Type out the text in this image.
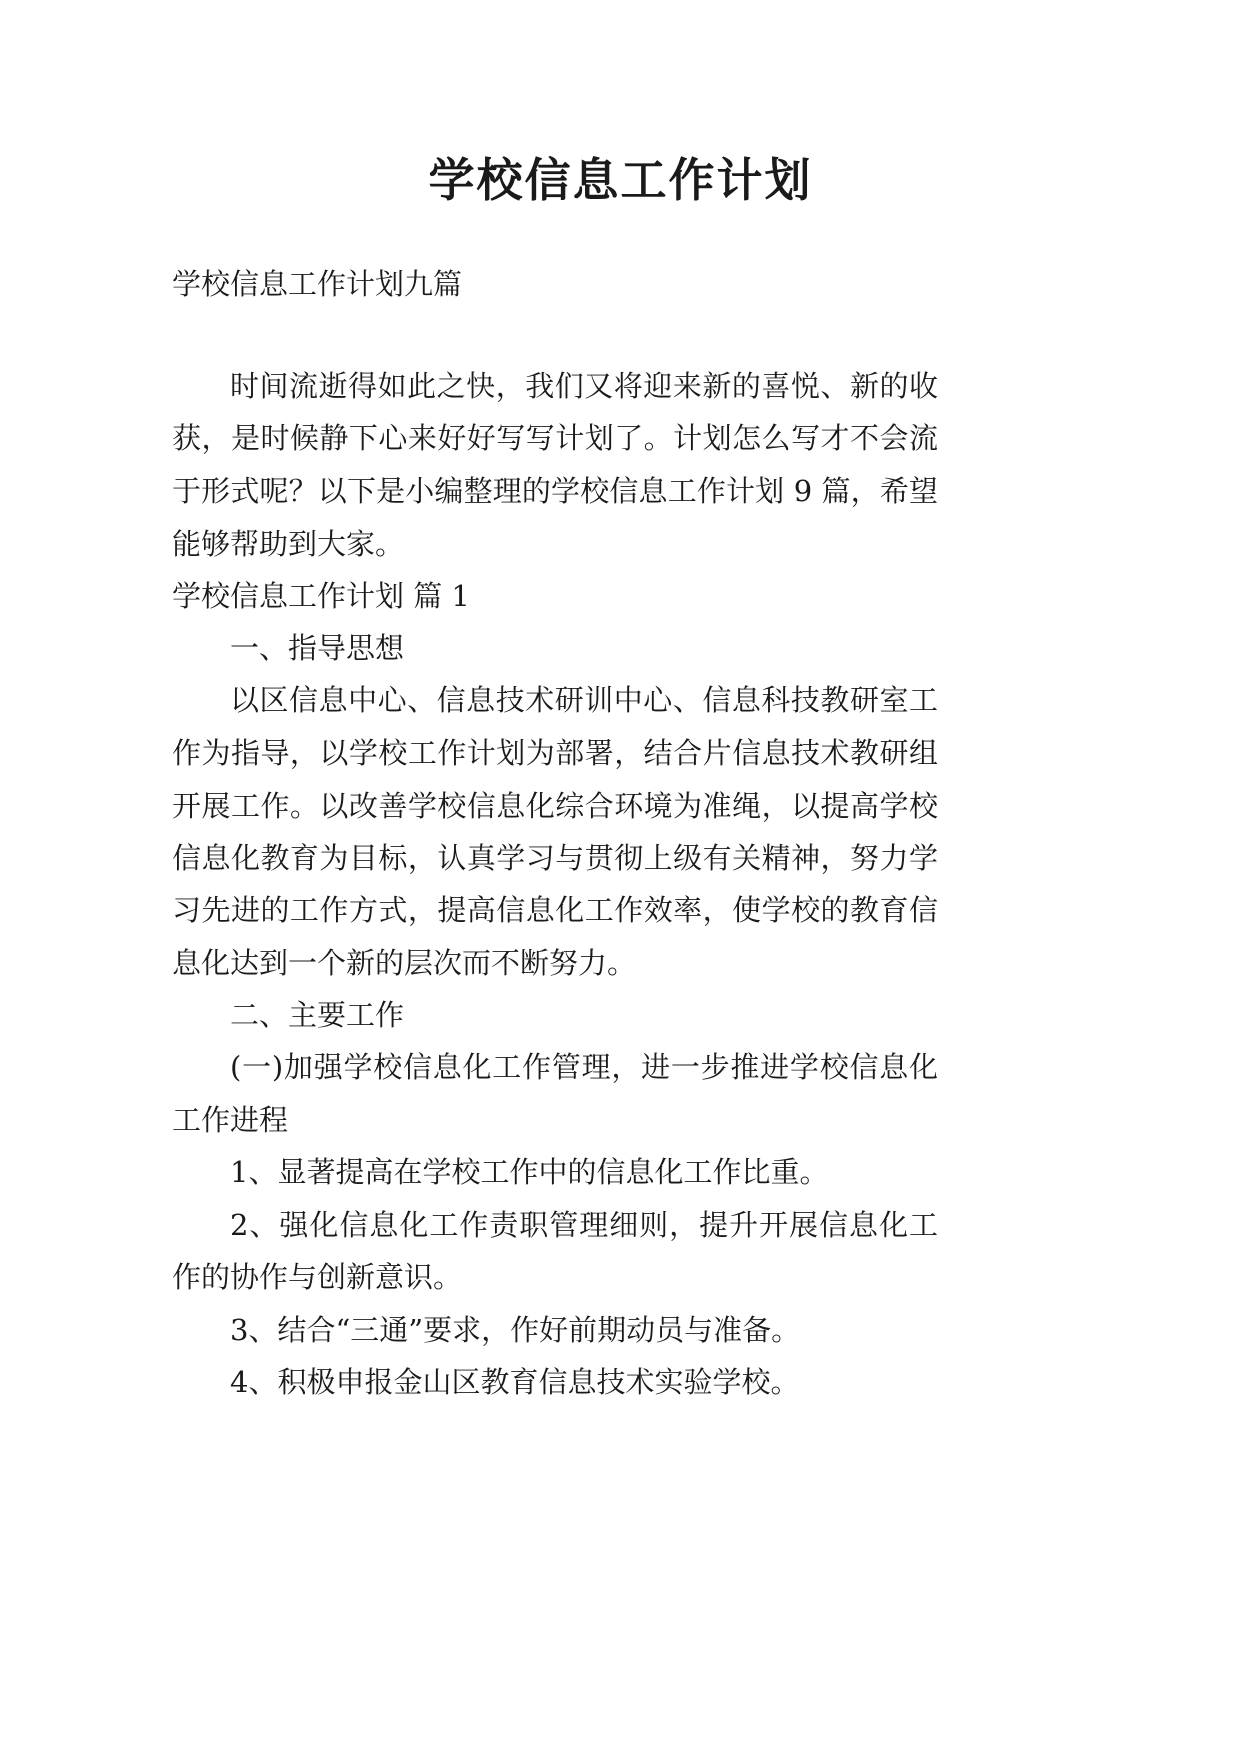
学校信息工作计划

学校信息工作计划九篇

时间流逝得如此之快，我们又将迎来新的喜悦、新的收

获，是时候静下心来好好写写计划了。计划怎么写才不会流

于形式呢？以下是小编整理的学校信息工作计划 9 篇，希望

能够帮助到大家。

学校信息工作计划 篇 1

一、指导思想

以区信息中心、信息技术研训中心、信息科技教研室工

作为指导，以学校工作计划为部署，结合片信息技术教研组

开展工作。以改善学校信息化综合环境为准绳，以提高学校

信息化教育为目标，认真学习与贯彻上级有关精神，努力学

习先进的工作方式，提高信息化工作效率，使学校的教育信

息化达到一个新的层次而不断努力。

二、主要工作

(一)加强学校信息化工作管理，进一步推进学校信息化

工作进程

1、显著提高在学校工作中的信息化工作比重。

2、强化信息化工作责职管理细则，提升开展信息化工

作的协作与创新意识。

3、结合“三通”要求，作好前期动员与准备。

4、积极申报金山区教育信息技术实验学校。
